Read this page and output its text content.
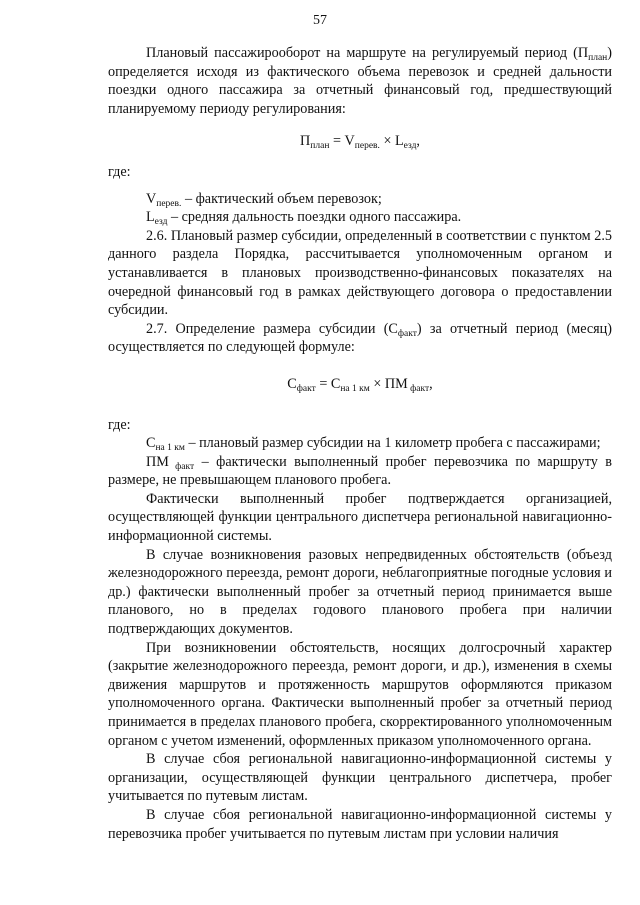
57

Плановый пассажирооборот на маршруте на регулируемый период $(П_{план})$ определяется исходя из фактического объема перевозок и средней дальности поездки одного пассажира за отчетный финансовый год, предшествующий планируемому периоду регулирования:

$П_{план} = V_{перев.} \times L_{езд}$,

где:

$V_{перев.}$ – фактический объем перевозок;

$L_{езд}$ – средняя дальность поездки одного пассажира.

2.6. Плановый размер субсидии, определенный в соответствии с пунктом 2.5 данного раздела Порядка, рассчитывается уполномоченным органом и устанавливается в плановых производственно-финансовых показателях на очередной финансовый год в рамках действующего договора о предоставлении субсидии.

2.7. Определение размера субсидии $(С_{факт})$ за отчетный период (месяц) осуществляется по следующей формуле:

$С_{факт} = С_{на 1 км}$ × ПМ $_{факт}$,

где:

$С_{на 1 км}$ – плановый размер субсидии на 1 километр пробега с пассажирами;

ПМ $_{факт}$ – фактически выполненный пробег перевозчика по маршруту в размере, не превышающем планового пробега.

Фактически выполненный пробег подтверждается организацией, осуществляющей функции центрального диспетчера региональной навигационно-информационной системы.

В случае возникновения разовых непредвиденных обстоятельств (объезд железнодорожного переезда, ремонт дороги, неблагоприятные погодные условия и др.) фактически выполненный пробег за отчетный период принимается выше планового, но в пределах годового планового пробега при наличии подтверждающих документов.

При возникновении обстоятельств, носящих долгосрочный характер (закрытие железнодорожного переезда, ремонт дороги, и др.), изменения в схемы движения маршрутов и протяженность маршрутов оформляются приказом уполномоченного органа. Фактически выполненный пробег за отчетный период принимается в пределах планового пробега, скорректированного уполномоченным органом с учетом изменений, оформленных приказом уполномоченного органа.

В случае сбоя региональной навигационно-информационной системы у организации, осуществляющей функции центрального диспетчера, пробег учитывается по путевым листам.

В случае сбоя региональной навигационно-информационной системы у перевозчика пробег учитывается по путевым листам при условии наличия
